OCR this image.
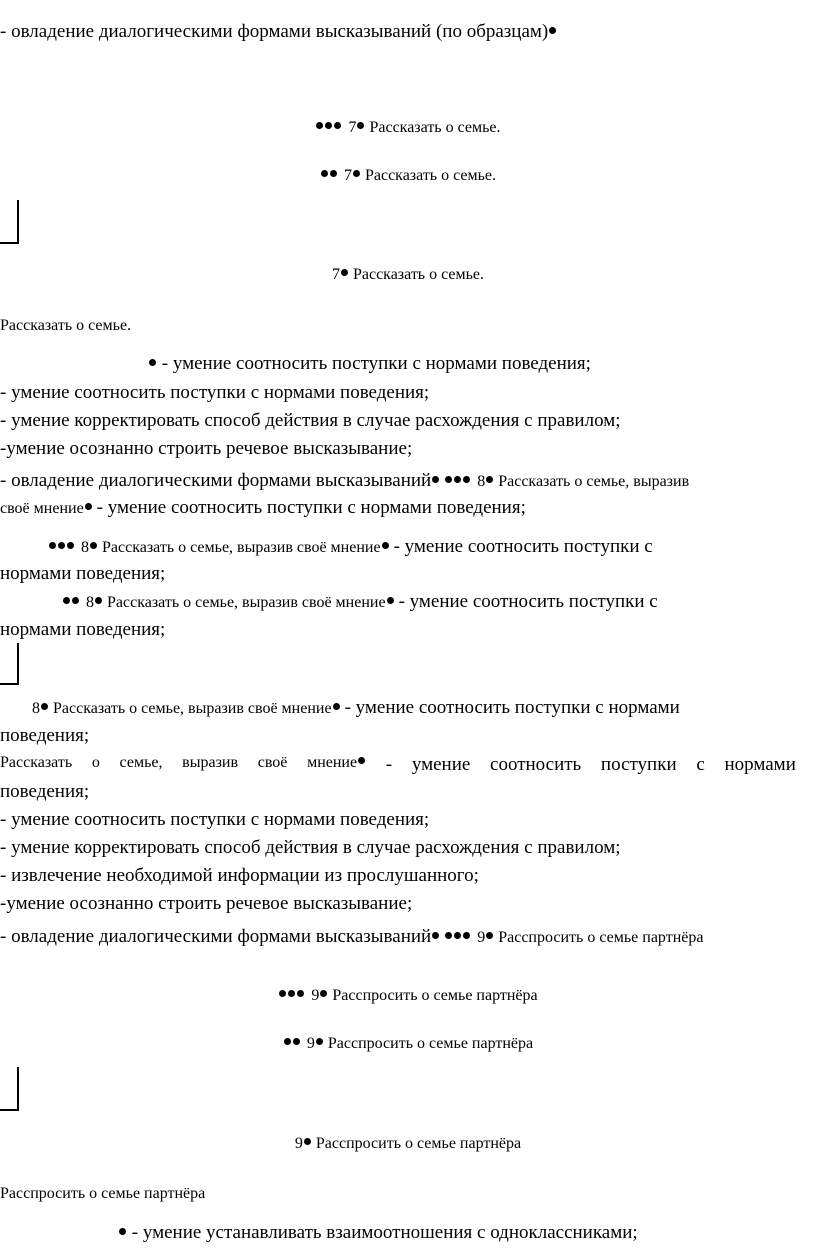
- овладение диалогическими формами высказываний (по образцам)
7 Рассказать о семье.
7 Рассказать о семье.
7 Рассказать о семье.
Рассказать о семье.
- умение соотносить поступки с нормами поведения;
- умение соотносить поступки с нормами поведения;
- умение корректировать способ действия в случае расхождения с правилом;
-умение осознанно строить речевое высказывание;
- овладение диалогическими формами высказываний	8 Рассказать о семье, выразив
своё мнение - умение соотносить поступки с нормами поведения;
8 Рассказать о семье, выразив своё мнение - умение соотносить поступки с
нормами поведения;
8 Рассказать о семье, выразив своё мнение - умение соотносить поступки с
нормами поведения;
8 Рассказать о семье, выразив своё мнение - умение соотносить поступки с нормами
поведения;
Рассказать о семье, выразив своё мнение	- умение соотносить поступки с нормами
поведения;
- умение соотносить поступки с нормами поведения;
- умение корректировать способ действия в случае расхождения с правилом;
- извлечение необходимой информации из прослушанного;
-умение осознанно строить речевое высказывание;
- овладение диалогическими формами высказываний	9 Расспросить о семье партнёра
9 Расспросить о семье партнёра
9 Расспросить о семье партнёра
9 Расспросить о семье партнёра
Расспросить о семье партнёра
- умение устанавливать взаимоотношения с одноклассниками;
